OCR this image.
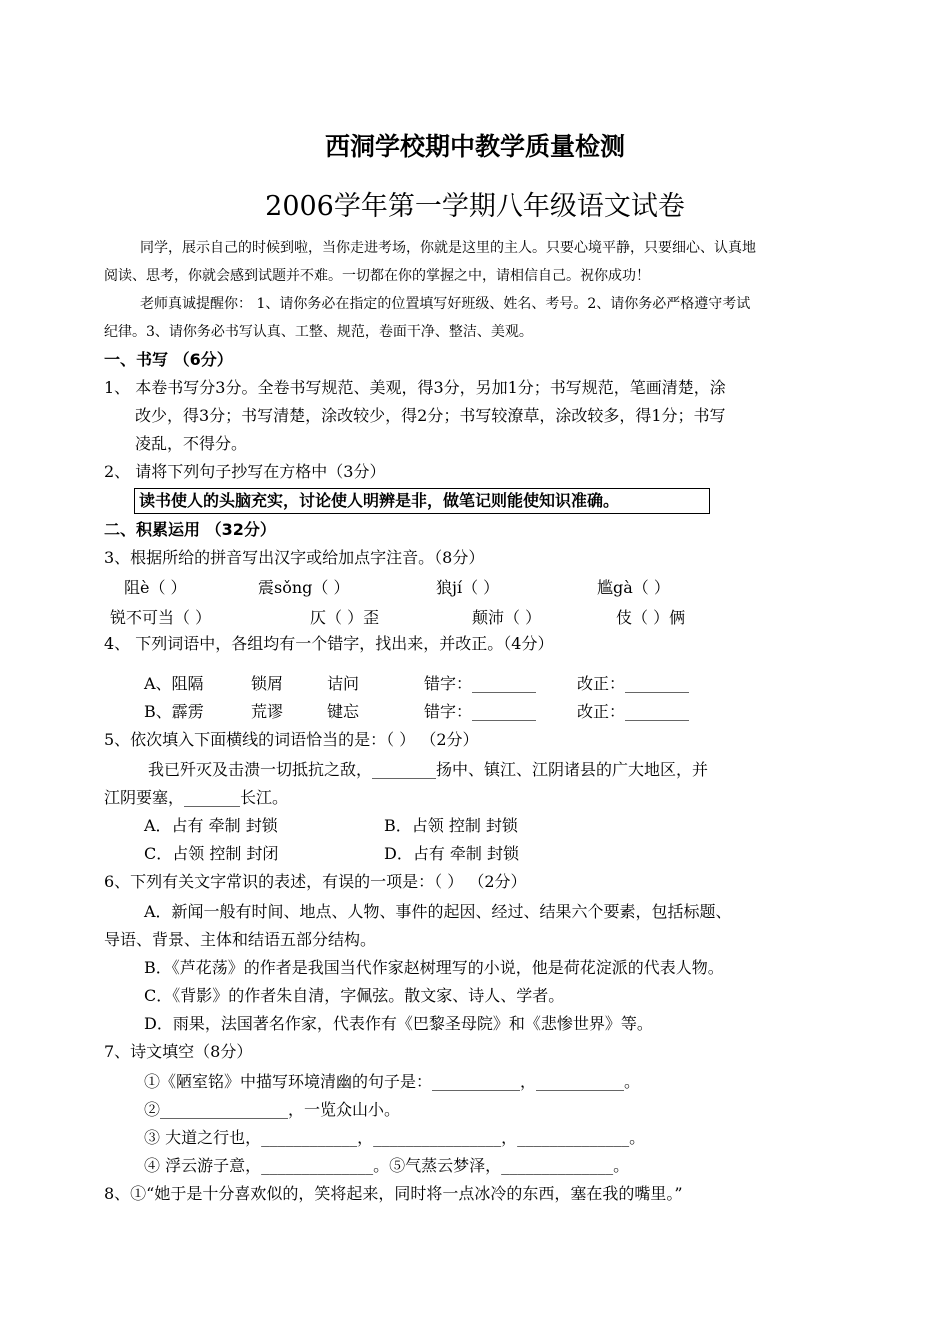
西洞学校期中教学质量检测
2006学年第一学期八年级语文试卷
同学，展示自己的时候到啦，当你走进考场，你就是这里的主人。只要心境平静，只要细心、认真地
阅读、思考，你就会感到试题并不难。一切都在你的掌握之中，请相信自己。祝你成功！
老师真诚提醒你： 1、请你务必在指定的位置填写好班级、姓名、考号。2、请你务必严格遵守考试
纪律。3、请你务必书写认真、工整、规范，卷面干净、整洁、美观。
一、书写 （6分）
1、 本卷书写分3分。全卷书写规范、美观，得3分，另加1分；书写规范，笔画清楚，涂
改少，得3分；书写清楚，涂改较少，得2分；书写较潦草，涂改较多，得1分；书写
凌乱，不得分。
2、 请将下列句子抄写在方格中（3分）
读书使人的头脑充实，讨论使人明辨是非，做笔记则能使知识准确。
二、积累运用 （32分）
3、根据所给的拼音写出汉字或给加点字注音。（8分）
阻è（ ）	震sǒng（ ）	狼jí（ ）	尴gà（ ）
锐不可当（ ）	仄（ ）歪	颠沛（ ）	伎（ ）俩
4、 下列词语中，各组均有一个错字，找出来，并改正。（4分）
A、阻隔	锁屑	诘问	错字：________	改正：________
B、霹雳	荒谬	键忘	错字：________	改正：________
5、依次填入下面横线的词语恰当的是：（ ） （2分）
我已歼灭及击溃一切抵抗之敌，________扬中、镇江、江阴诸县的广大地区，并
江阴要塞，_______长江。
A．占有 牵制 封锁	B．占领 控制 封锁
C．占领 控制 封闭	D．占有 牵制 封锁
6、下列有关文字常识的表述，有误的一项是：（ ） （2分）
A．新闻一般有时间、地点、人物、事件的起因、经过、结果六个要素，包括标题、
导语、背景、主体和结语五部分结构。
B．《芦花荡》的作者是我国当代作家赵树理写的小说，他是荷花淀派的代表人物。
C．《背影》的作者朱自清，字佩弦。散文家、诗人、学者。
D．雨果，法国著名作家，代表作有《巴黎圣母院》和《悲惨世界》等。
7、诗文填空（8分）
①《陋室铭》中描写环境清幽的句子是：___________，___________。
②________________，一览众山小。
③ 大道之行也，____________，________________，______________。
④ 浮云游子意，______________。⑤气蒸云梦泽，______________。
8、①“她于是十分喜欢似的，笑将起来，同时将一点冰冷的东西，塞在我的嘴里。”
